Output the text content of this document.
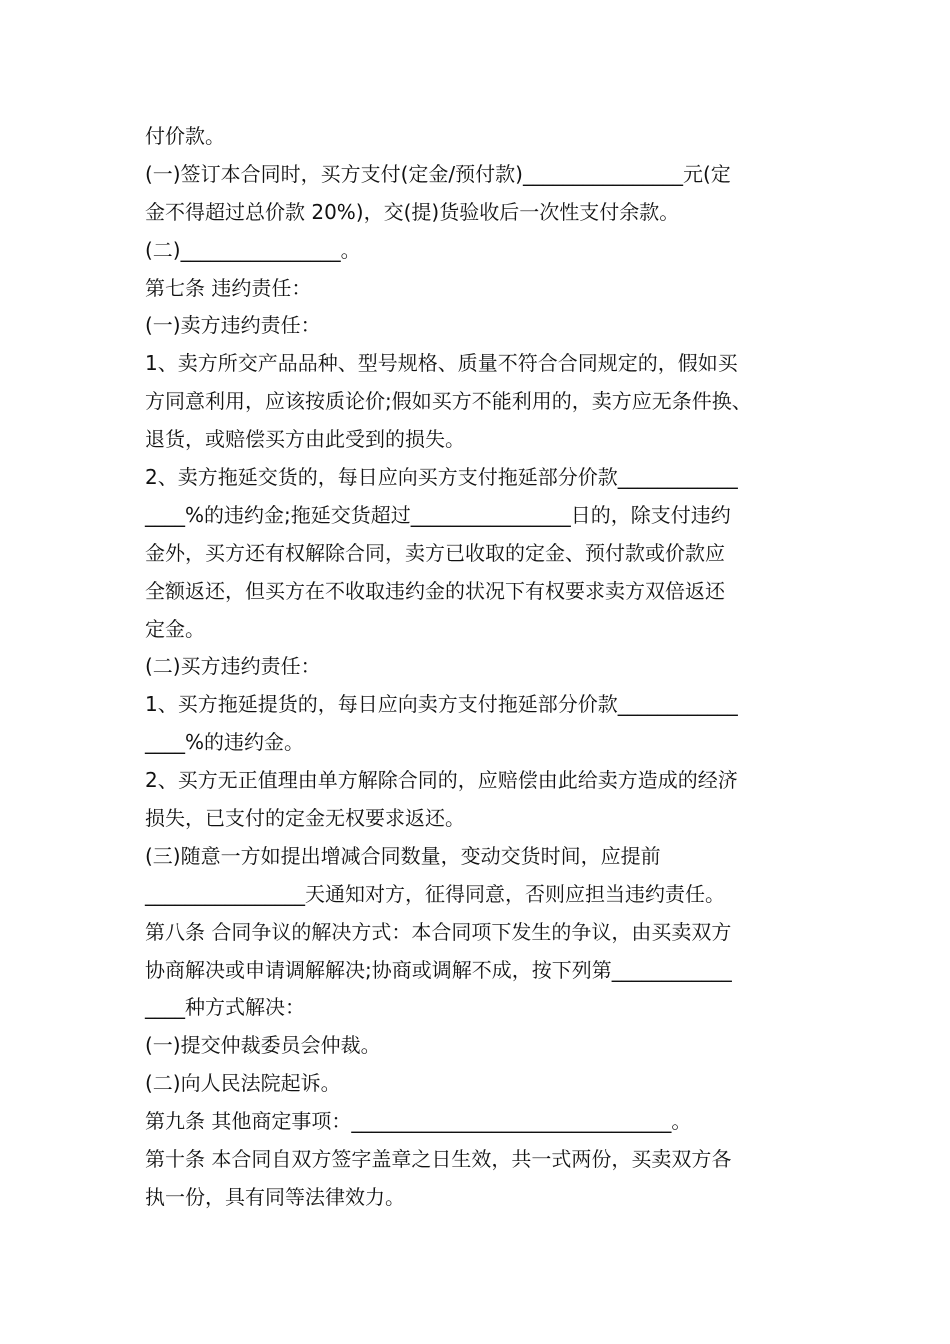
付价款。
(一)签订本合同时，买方支付(定金/预付款)________________元(定
金不得超过总价款 20%)，交(提)货验收后一次性支付余款。
(二)________________。
第七条 违约责任：
(一)卖方违约责任：
1、卖方所交产品品种、型号规格、质量不符合合同规定的，假如买
方同意利用，应该按质论价;假如买方不能利用的，卖方应无条件换、
退货，或赔偿买方由此受到的损失。
2、卖方拖延交货的，每日应向买方支付拖延部分价款____________
____%的违约金;拖延交货超过________________日的，除支付违约
金外，买方还有权解除合同，卖方已收取的定金、预付款或价款应
全额返还，但买方在不收取违约金的状况下有权要求卖方双倍返还
定金。
(二)买方违约责任：
1、买方拖延提货的，每日应向卖方支付拖延部分价款____________
____%的违约金。
2、买方无正值理由单方解除合同的，应赔偿由此给卖方造成的经济
损失，已支付的定金无权要求返还。
(三)随意一方如提出增减合同数量，变动交货时间，应提前
________________天通知对方，征得同意，否则应担当违约责任。
第八条 合同争议的解决方式：本合同项下发生的争议，由买卖双方
协商解决或申请调解解决;协商或调解不成，按下列第____________
____种方式解决：
(一)提交仲裁委员会仲裁。
(二)向人民法院起诉。
第九条 其他商定事项：________________________________。
第十条 本合同自双方签字盖章之日生效，共一式两份，买卖双方各
执一份，具有同等法律效力。
